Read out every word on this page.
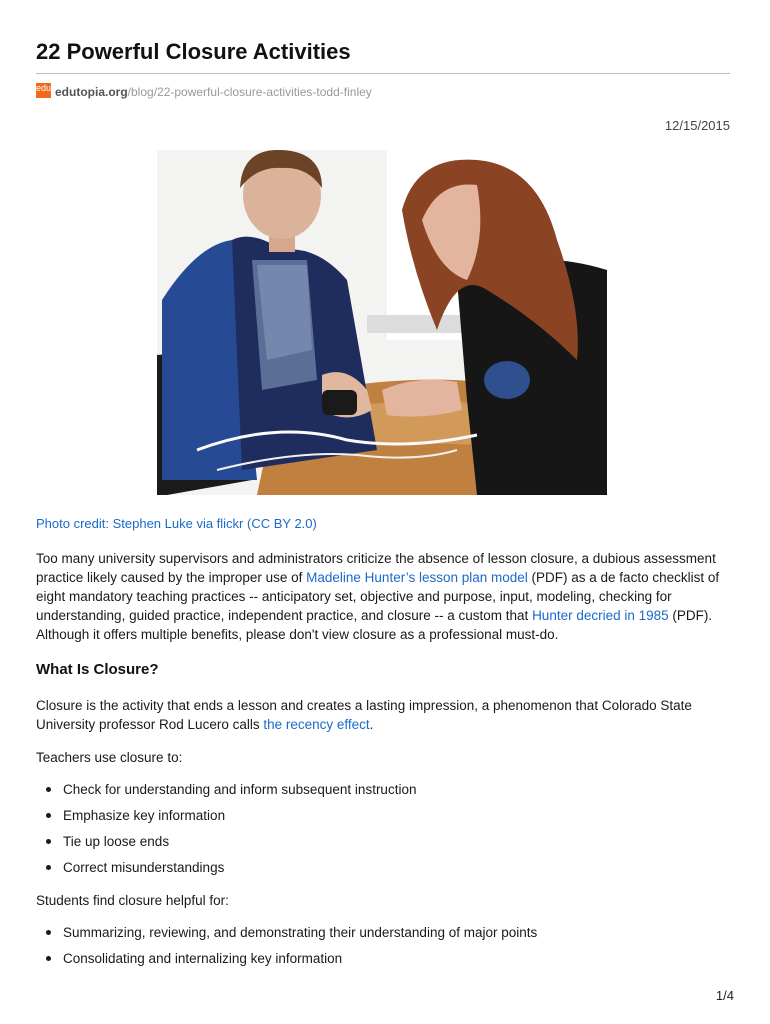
22 Powerful Closure Activities
edu edutopia.org /blog/22-powerful-closure-activities-todd-finley
12/15/2015
Photo credit: Stephen Luke via flickr (CC BY 2.0)

Too many university supervisors and administrators criticize the absence of lesson closure, a dubious assessment practice likely caused by the improper use of Madeline Hunter’s lesson plan model (PDF) as a de facto checklist of eight mandatory teaching practices -- anticipatory set, objective and purpose, input, modeling, checking for understanding, guided practice, independent practice, and closure -- a custom that Hunter decried in 1985 (PDF). Although it offers multiple benefits, please don't view closure as a professional must-do.

What Is Closure?

Closure is the activity that ends a lesson and creates a lasting impression, a phenomenon that Colorado State University professor Rod Lucero calls the recency effect.

Teachers use closure to:

Check for understanding and inform subsequent instruction
Emphasize key information
Tie up loose ends
Correct misunderstandings

Students find closure helpful for:

Summarizing, reviewing, and demonstrating their understanding of major points
Consolidating and internalizing key information
1/4
